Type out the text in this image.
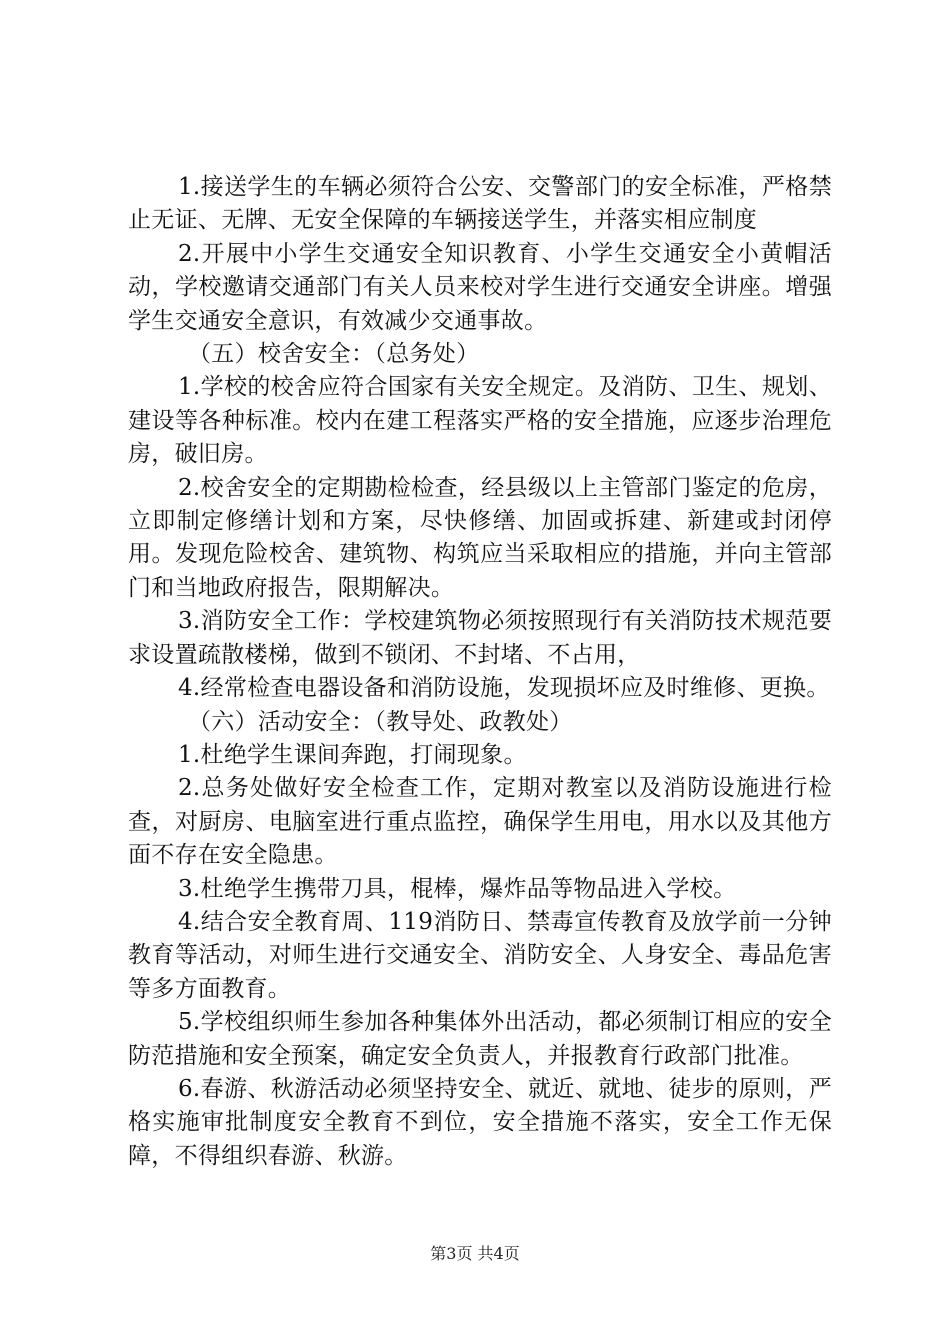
1.接送学生的车辆必须符合公安、交警部门的安全标准，严格禁止无证、无牌、无安全保障的车辆接送学生，并落实相应制度

2.开展中小学生交通安全知识教育、小学生交通安全小黄帽活动，学校邀请交通部门有关人员来校对学生进行交通安全讲座。增强学生交通安全意识，有效减少交通事故。

（五）校舍安全：（总务处）

1.学校的校舍应符合国家有关安全规定。及消防、卫生、规划、建设等各种标准。校内在建工程落实严格的安全措施，应逐步治理危房，破旧房。

2.校舍安全的定期勘检检查，经县级以上主管部门鉴定的危房，立即制定修缮计划和方案，尽快修缮、加固或拆建、新建或封闭停用。发现危险校舍、建筑物、构筑应当采取相应的措施，并向主管部门和当地政府报告，限期解决。

3.消防安全工作：学校建筑物必须按照现行有关消防技术规范要求设置疏散楼梯，做到不锁闭、不封堵、不占用，

4.经常检查电器设备和消防设施，发现损坏应及时维修、更换。

（六）活动安全：（教导处、政教处）

1.杜绝学生课间奔跑，打闹现象。

2.总务处做好安全检查工作，定期对教室以及消防设施进行检查，对厨房、电脑室进行重点监控，确保学生用电，用水以及其他方面不存在安全隐患。

3.杜绝学生携带刀具，棍棒，爆炸品等物品进入学校。

4.结合安全教育周、119消防日、禁毒宣传教育及放学前一分钟教育等活动，对师生进行交通安全、消防安全、人身安全、毒品危害等多方面教育。

5.学校组织师生参加各种集体外出活动，都必须制订相应的安全防范措施和安全预案，确定安全负责人，并报教育行政部门批准。

6.春游、秋游活动必须坚持安全、就近、就地、徒步的原则，严格实施审批制度安全教育不到位，安全措施不落实，安全工作无保障，不得组织春游、秋游。

第3页 共4页
